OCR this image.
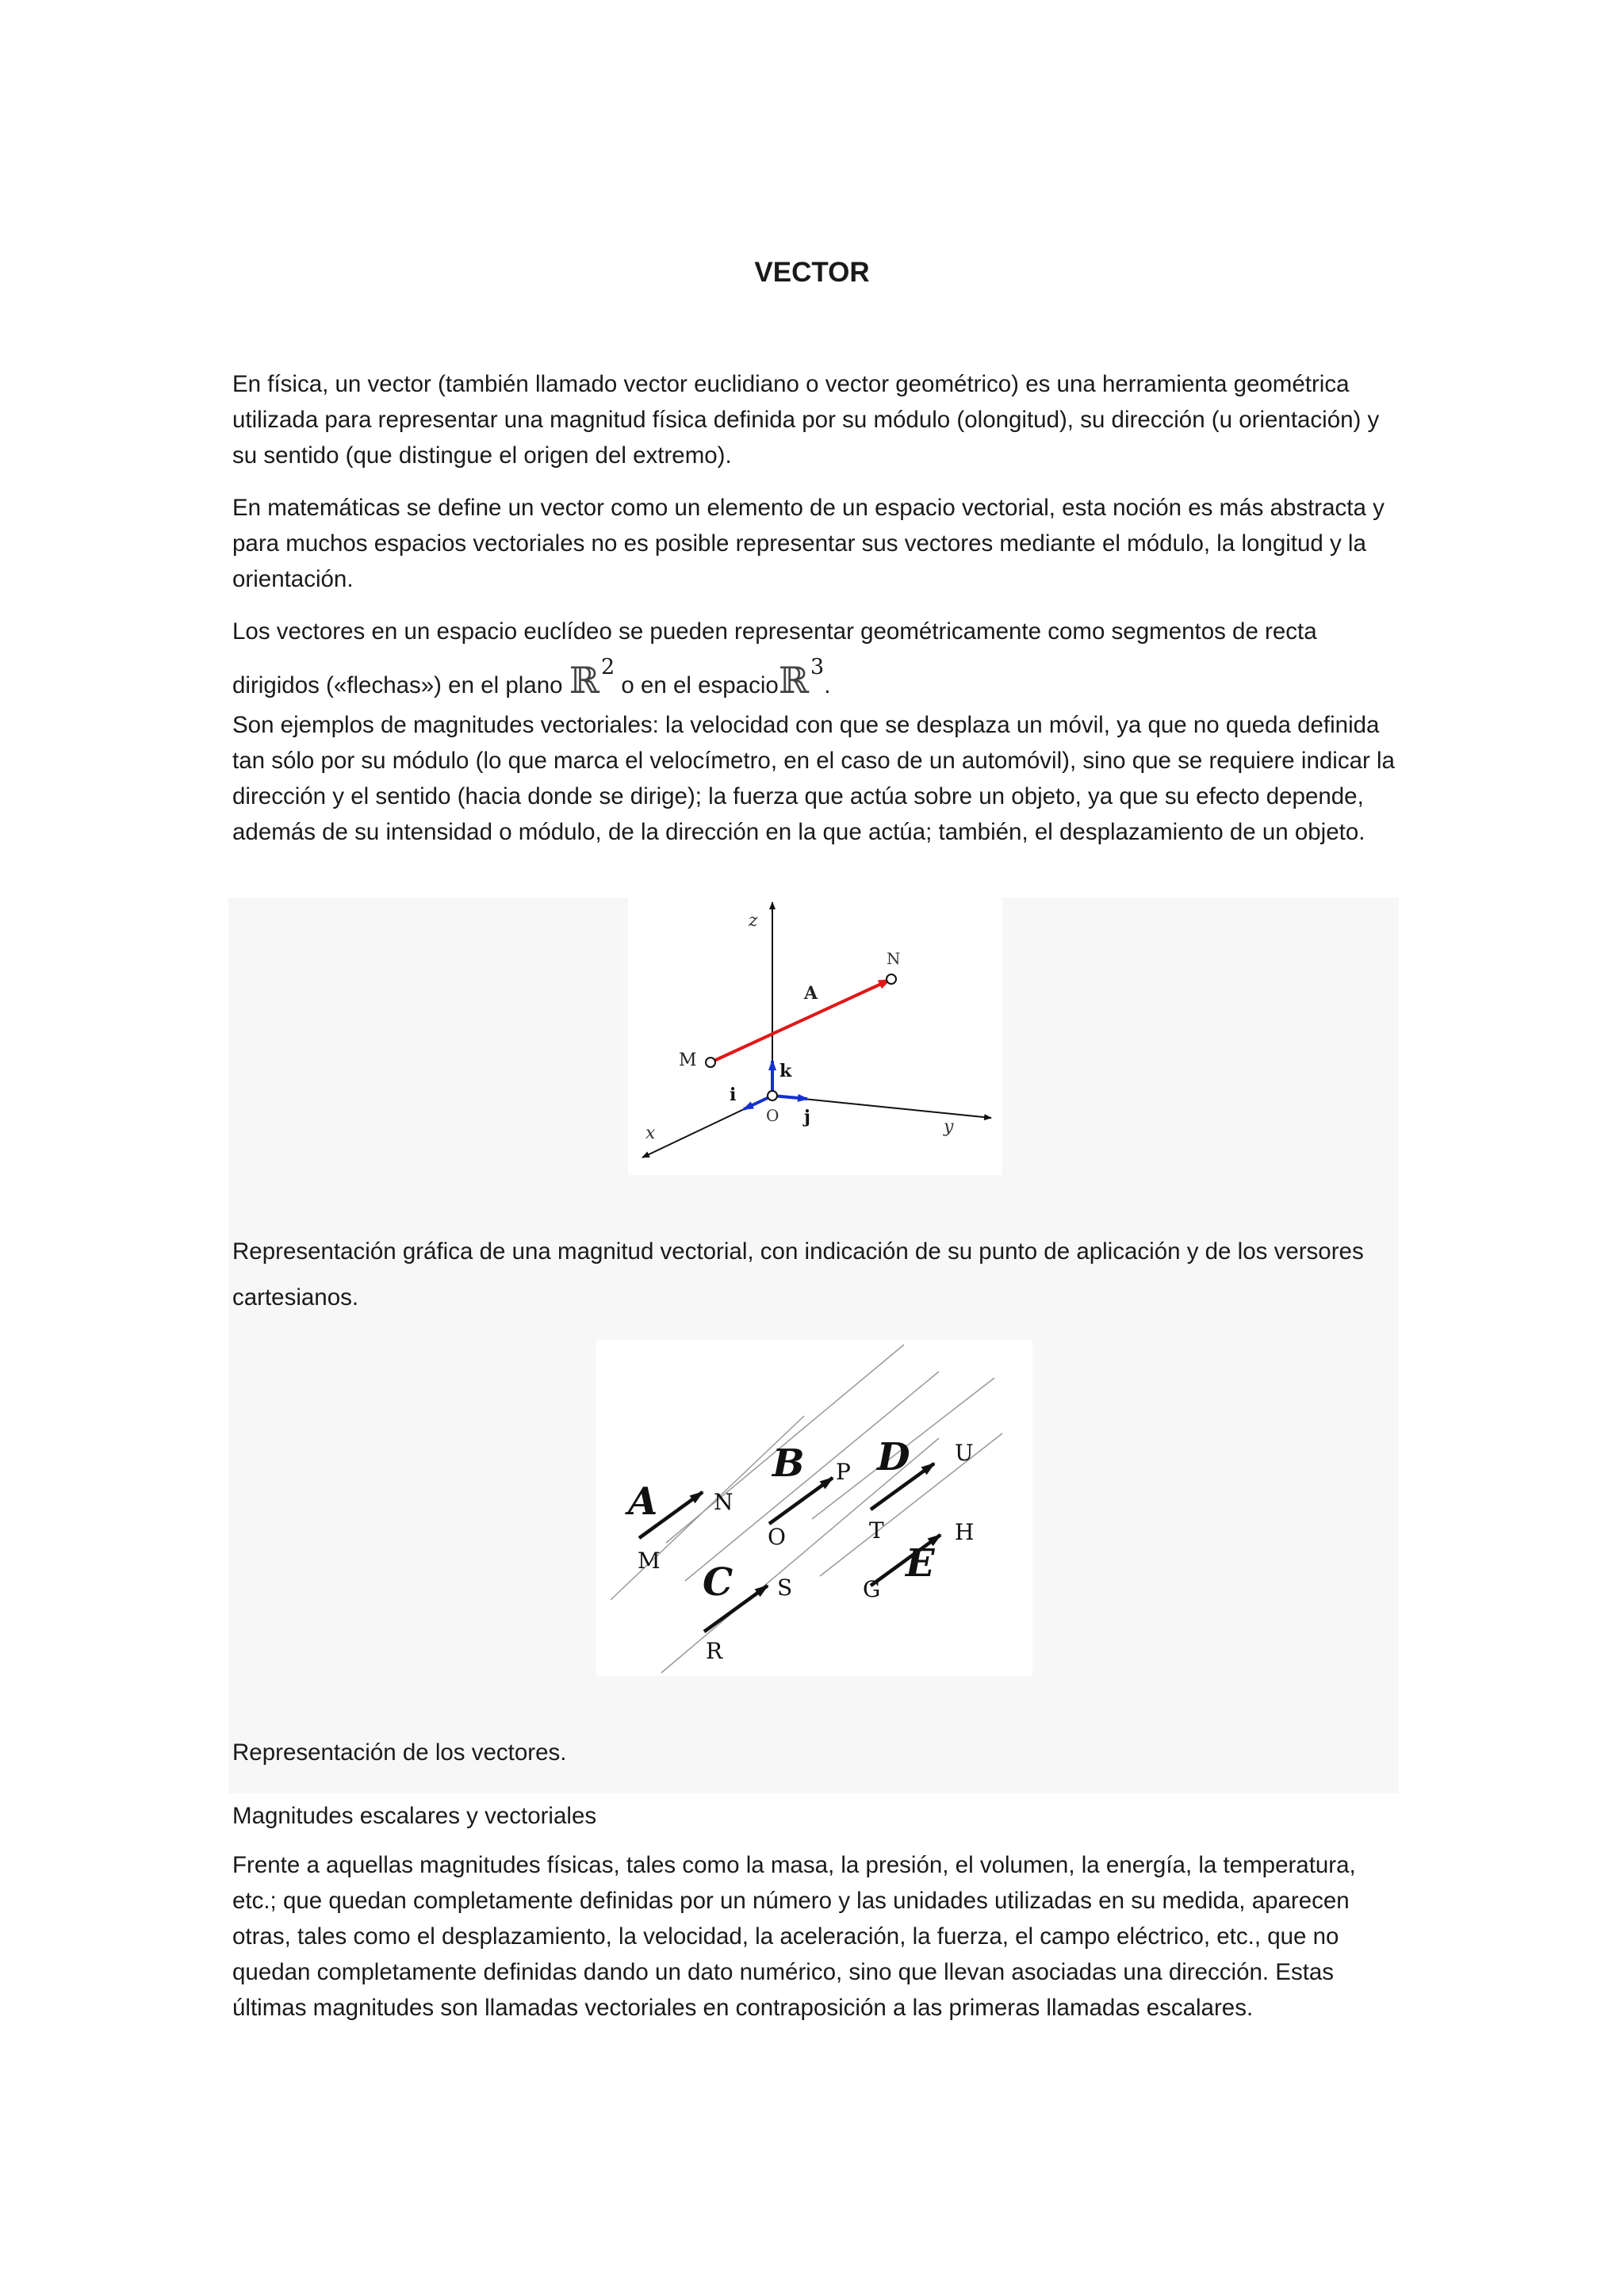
VECTOR

En física, un vector (también llamado vector euclidiano o vector geométrico) es una herramienta geométrica utilizada para representar una magnitud física definida por su módulo (olongitud), su dirección (u orientación) y su sentido (que distingue el origen del extremo).

En matemáticas se define un vector como un elemento de un espacio vectorial, esta noción es más abstracta y para muchos espacios vectoriales no es posible representar sus vectores mediante el módulo, la longitud y la orientación.

Los vectores en un espacio euclídeo se pueden representar geométricamente como segmentos de recta dirigidos («flechas») en el plano ℝ2 o en el espacioℝ3.

Son ejemplos de magnitudes vectoriales: la velocidad con que se desplaza un móvil, ya que no queda definida tan sólo por su módulo (lo que marca el velocímetro, en el caso de un automóvil), sino que se requiere indicar la dirección y el sentido (hacia donde se dirige); la fuerza que actúa sobre un objeto, ya que su efecto depende, además de su intensidad o módulo, de la dirección en la que actúa; también, el desplazamiento de un objeto.

z
N
A
M
k
i
O j	y
x

Representación gráfica de una magnitud vectorial, con indicación de su punto de aplicación y de los versores cartesianos.

A
B
C
D
E
M
N
O
P
T
U
H
S	G
R

Representación de los vectores.

Magnitudes escalares y vectoriales

Frente a aquellas magnitudes físicas, tales como la masa, la presión, el volumen, la energía, la temperatura, etc.; que quedan completamente definidas por un número y las unidades utilizadas en su medida, aparecen otras, tales como el desplazamiento, la velocidad, la aceleración, la fuerza, el campo eléctrico, etc., que no quedan completamente definidas dando un dato numérico, sino que llevan asociadas una dirección. Estas últimas magnitudes son llamadas vectoriales en contraposición a las primeras llamadas escalares.
